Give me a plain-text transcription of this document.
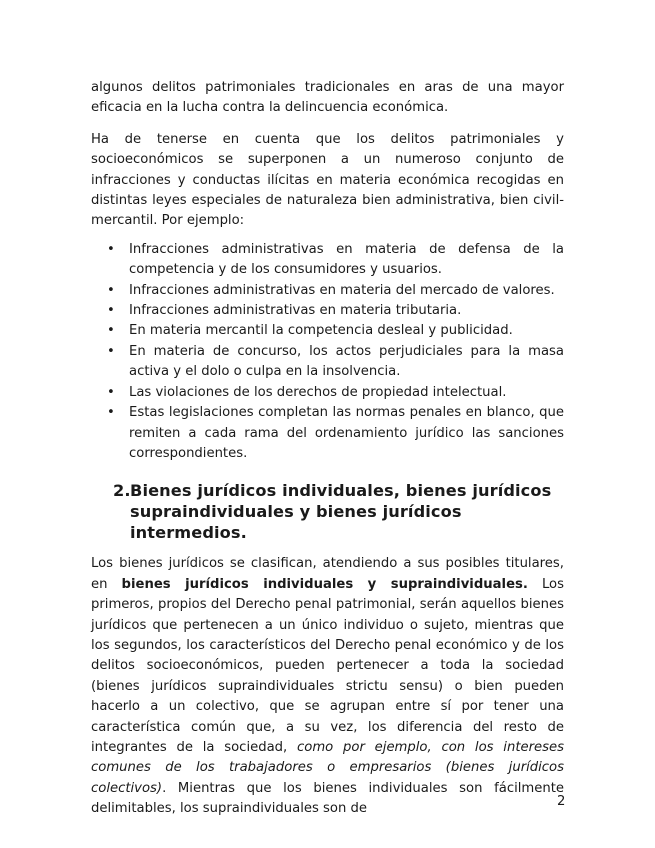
algunos delitos patrimoniales tradicionales en aras de una mayor eficacia en la lucha contra la delincuencia económica.

Ha de tenerse en cuenta que los delitos patrimoniales y socioeconómicos se superponen a un numeroso conjunto de infracciones y conductas ilícitas en materia económica recogidas en distintas leyes especiales de naturaleza bien administrativa, bien civil-mercantil. Por ejemplo:

• Infracciones administrativas en materia de defensa de la competencia y de los consumidores y usuarios.
• Infracciones administrativas en materia del mercado de valores.
• Infracciones administrativas en materia tributaria.
• En materia mercantil la competencia desleal y publicidad.
• En materia de concurso, los actos perjudiciales para la masa activa y el dolo o culpa en la insolvencia.
• Las violaciones de los derechos de propiedad intelectual.
• Estas legislaciones completan las normas penales en blanco, que remiten a cada rama del ordenamiento jurídico las sanciones correspondientes.
2. Bienes jurídicos individuales, bienes jurídicos supraindividuales y bienes jurídicos intermedios.

Los bienes jurídicos se clasifican, atendiendo a sus posibles titulares, en bienes jurídicos individuales y supraindividuales. Los primeros, propios del Derecho penal patrimonial, serán aquellos bienes jurídicos que pertenecen a un único individuo o sujeto, mientras que los segundos, los característicos del Derecho penal económico y de los delitos socioeconómicos, pueden pertenecer a toda la sociedad (bienes jurídicos supraindividuales strictu sensu) o bien pueden hacerlo a un colectivo, que se agrupan entre sí por tener una característica común que, a su vez, los diferencia del resto de integrantes de la sociedad, como por ejemplo, con los intereses comunes de los trabajadores o empresarios (bienes jurídicos colectivos). Mientras que los bienes individuales son fácilmente delimitables, los supraindividuales son de	2
